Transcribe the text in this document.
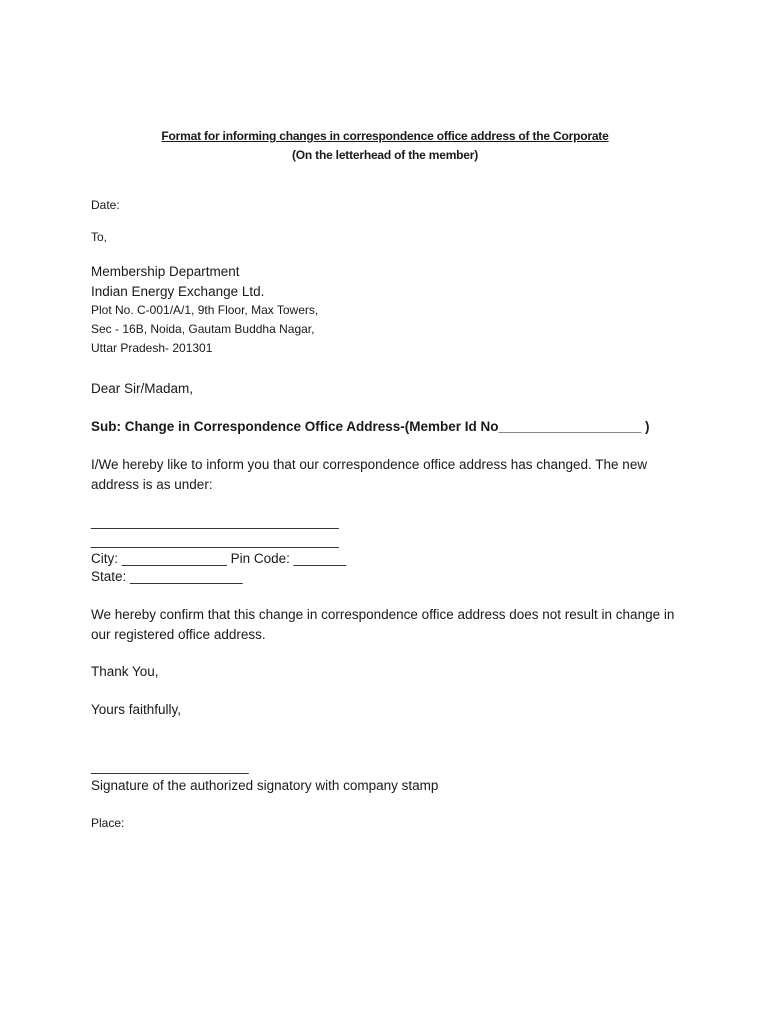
Format for informing changes in correspondence office address of the Corporate
(On the letterhead of the member)
Date:
To,
Membership Department
Indian Energy Exchange Ltd.
Plot No. C-001/A/1, 9th Floor, Max Towers,
Sec - 16B, Noida, Gautam Buddha Nagar,
Uttar Pradesh- 201301
Dear Sir/Madam,
Sub: Change in Correspondence Office Address-(Member Id No___________________ )
I/We hereby like to inform you that our correspondence office address has changed. The new address is as under:
_________________________________
_________________________________
City: ______________ Pin Code: _______
State: _______________
We hereby confirm that this change in correspondence office address does not result in change in our registered office address.
Thank You,
Yours faithfully,
_____________________
Signature of the authorized signatory with company stamp
Place:
